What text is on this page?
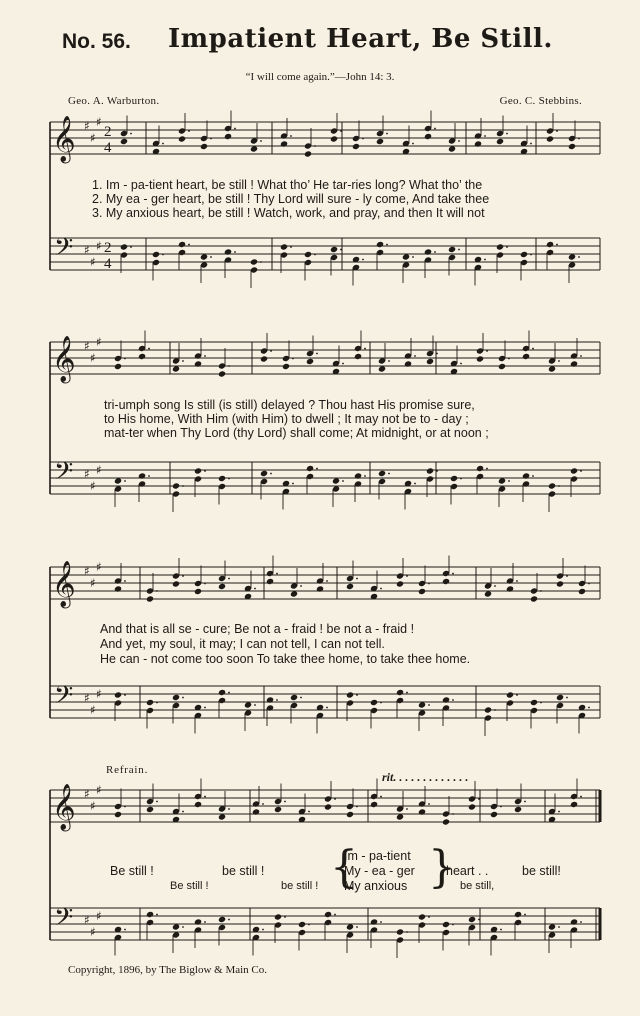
No. 56. Impatient Heart, Be Still.
“I will come again.”—John 14: 3.
Geo. A. Warburton.	Geo. C. Stebbins.
𝄞 ♯
♯
♯
2
4
𝄢 ♯
♯
♯ 2
4
𝄞 ♯
♯
♯
𝄢 ♯
♯
♯
𝄞 ♯
♯
♯
𝄢 ♯
♯
♯
𝄞 ♯
♯
♯
𝄢 ♯
♯
♯
1. Im - pa-tient heart, be still ! What tho’ He tar-ries long? What tho’ the
2. My ea - ger heart, be still ! Thy Lord will sure - ly come, And take thee
3. My anxious heart, be still ! Watch, work, and pray, and then It will not
tri-umph song Is still (is still) delayed ? Thou hast His promise sure,
to His home, With Him (with Him) to dwell ; It may not be to - day ;
mat-ter when Thy Lord (thy Lord) shall come; At midnight, or at noon ;
And that is all se - cure; Be not a - fraid ! be not a - fraid !
And yet, my soul, it may; I can not tell, I can not tell.
He can - not come too soon To take thee home, to take thee home.
Refrain.	rit. . . . . . . . . . . . .
Be still !	be still !
Be still !	be still ! { }
Im - pa-tient
My - ea - ger
My anxious
heart . .	be still!
be still,
Copyright, 1896, by The Biglow & Main Co.
